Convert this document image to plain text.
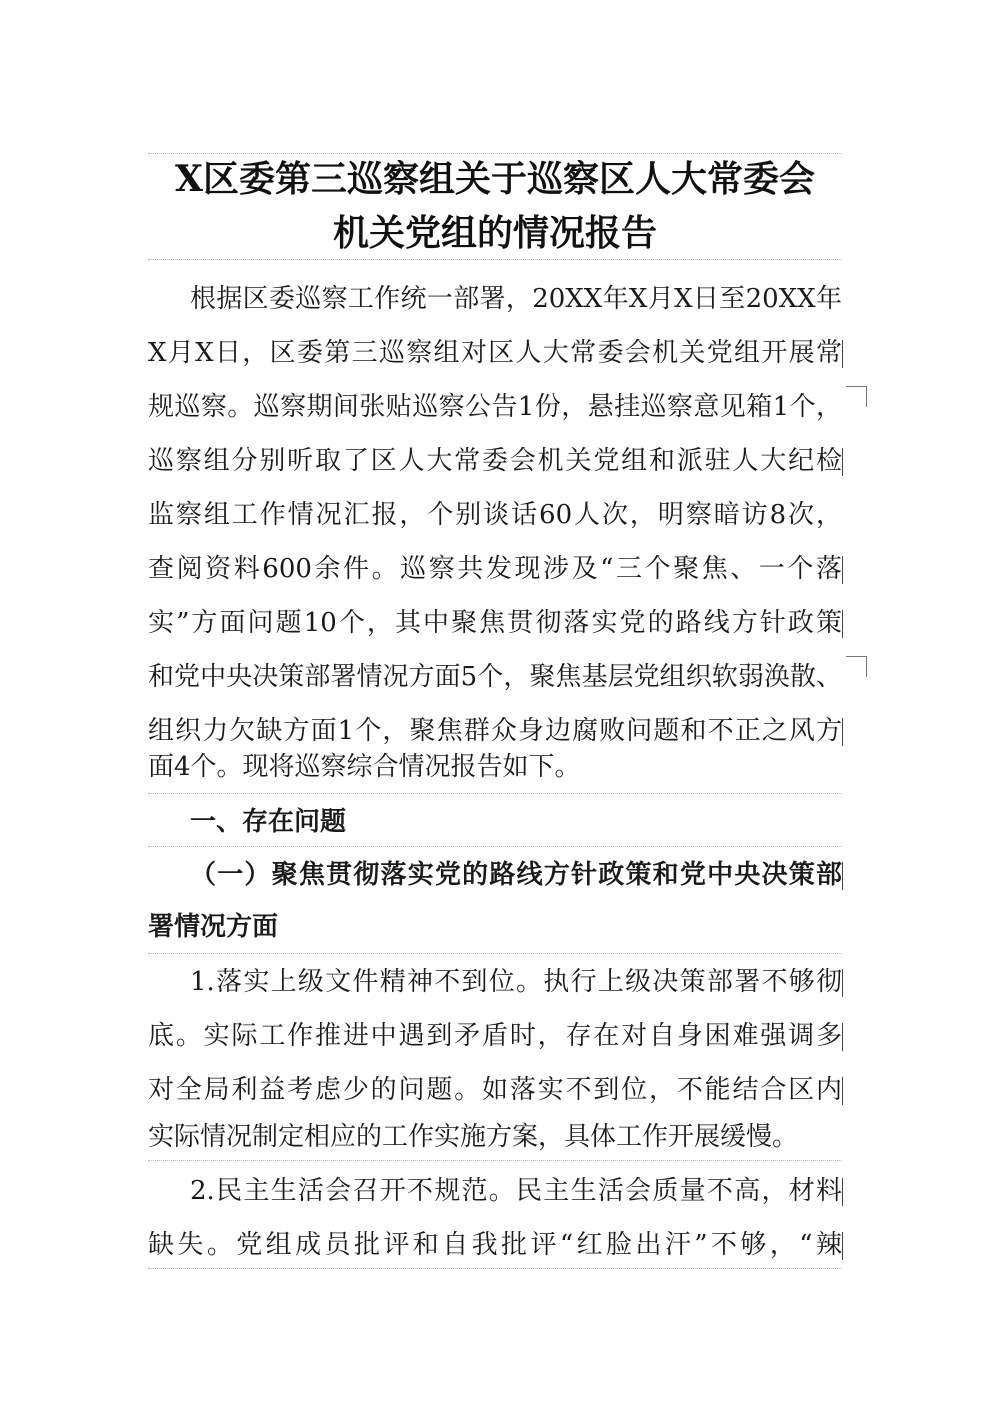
X区委第三巡察组关于巡察区人大常委会
机关党组的情况报告
根据区委巡察工作统一部署，20XX年X月X日至20XX年
X月X日，区委第三巡察组对区人大常委会机关党组开展常
规巡察。巡察期间张贴巡察公告1份，悬挂巡察意见箱1个，
巡察组分别听取了区人大常委会机关党组和派驻人大纪检
监察组工作情况汇报，个别谈话60人次，明察暗访8次，
查阅资料600余件。巡察共发现涉及“三个聚焦、一个落
实”方面问题10个，其中聚焦贯彻落实党的路线方针政策
和党中央决策部署情况方面5个，聚焦基层党组织软弱涣散、
组织力欠缺方面1个，聚焦群众身边腐败问题和不正之风方
面4个。现将巡察综合情况报告如下。
一、存在问题
（一）聚焦贯彻落实党的路线方针政策和党中央决策部
署情况方面
1.落实上级文件精神不到位。执行上级决策部署不够彻
底。实际工作推进中遇到矛盾时，存在对自身困难强调多
对全局利益考虑少的问题。如落实不到位，不能结合区内
实际情况制定相应的工作实施方案，具体工作开展缓慢。
2.民主生活会召开不规范。民主生活会质量不高，材料
缺失。党组成员批评和自我批评“红脸出汗”不够，“辣
